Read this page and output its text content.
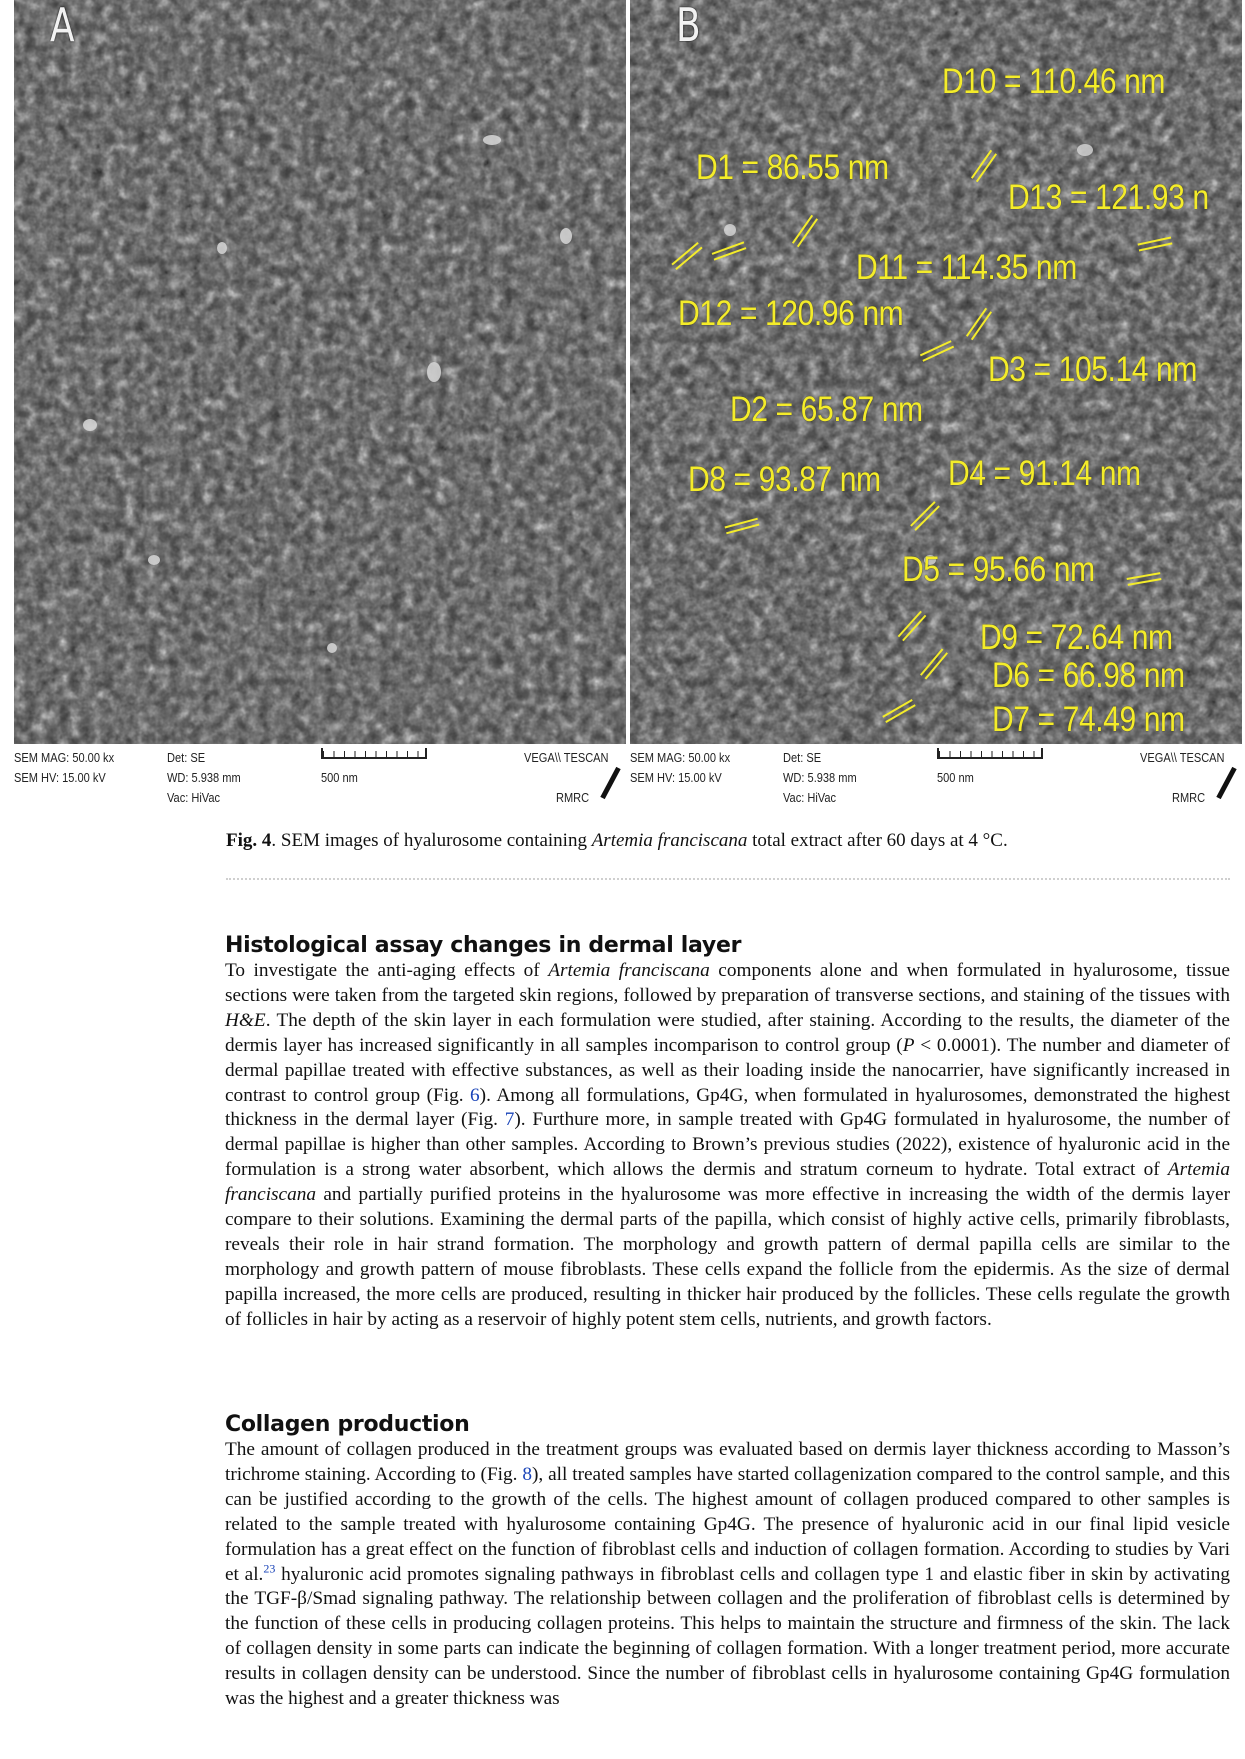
A	B
D10 = 110.46 nm
D1 = 86.55 nm
D13 = 121.93 n
D11 = 114.35 nm
D12 = 120.96 nm
D3 = 105.14 nm
D2 = 65.87 nm
D8 = 93.87 nm D4 = 91.14 nm
D5 = 95.66 nm
D9 = 72.64 nm
D6 = 66.98 nm
D7 = 74.49 nm
SEM MAG: 50.00 kx
SEM HV: 15.00 kV
Det: SE
WD: 5.938 mm
Vac: HiVac
500 nm
VEGA\\ TESCAN
RMRC
SEM MAG: 50.00 kx
SEM HV: 15.00 kV
Det: SE
WD: 5.938 mm
Vac: HiVac
500 nm
VEGA\\ TESCAN
RMRC
Fig. 4. SEM images of hyalurosome containing Artemia franciscana total extract after 60 days at 4 °C.
Histological assay changes in dermal layer

To investigate the anti-aging effects of Artemia franciscana components alone and when formulated in hyalurosome, tissue sections were taken from the targeted skin regions, followed by preparation of transverse sections, and staining of the tissues with H&E. The depth of the skin layer in each formulation were studied, after staining. According to the results, the diameter of the dermis layer has increased significantly in all samples incomparison to control group (P < 0.0001). The number and diameter of dermal papillae treated with effective substances, as well as their loading inside the nanocarrier, have significantly increased in contrast to control group (Fig. 6). Among all formulations, Gp4G, when formulated in hyalurosomes, demonstrated the highest thickness in the dermal layer (Fig. 7). Furthure more, in sample treated with Gp4G formulated in hyalurosome, the number of dermal papillae is higher than other samples. According to Brown’s previous studies (2022), existence of hyaluronic acid in the formulation is a strong water absorbent, which allows the dermis and stratum corneum to hydrate. Total extract of Artemia franciscana and partially purified proteins in the hyalurosome was more effective in increasing the width of the dermis layer compare to their solutions. Examining the dermal parts of the papilla, which consist of highly active cells, primarily fibroblasts, reveals their role in hair strand formation. The morphology and growth pattern of dermal papilla cells are similar to the morphology and growth pattern of mouse fibroblasts. These cells expand the follicle from the epidermis. As the size of dermal papilla increased, the more cells are produced, resulting in thicker hair produced by the follicles. These cells regulate the growth of follicles in hair by acting as a reservoir of highly potent stem cells, nutrients, and growth factors.

Collagen production

The amount of collagen produced in the treatment groups was evaluated based on dermis layer thickness according to Masson’s trichrome staining. According to (Fig. 8), all treated samples have started collagenization compared to the control sample, and this can be justified according to the growth of the cells. The highest amount of collagen produced compared to other samples is related to the sample treated with hyalurosome containing Gp4G. The presence of hyaluronic acid in our final lipid vesicle formulation has a great effect on the function of fibroblast cells and induction of collagen formation. According to studies by Vari et al.$^{23}$ hyaluronic acid promotes signaling pathways in fibroblast cells and collagen type 1 and elastic fiber in skin by activating the TGF-β/Smad signaling pathway. The relationship between collagen and the proliferation of fibroblast cells is determined by the function of these cells in producing collagen proteins. This helps to maintain the structure and firmness of the skin. The lack of collagen density in some parts can indicate the beginning of collagen formation. With a longer treatment period, more accurate results in collagen density can be understood. Since the number of fibroblast cells in hyalurosome containing Gp4G formulation was the highest and a greater thickness was
